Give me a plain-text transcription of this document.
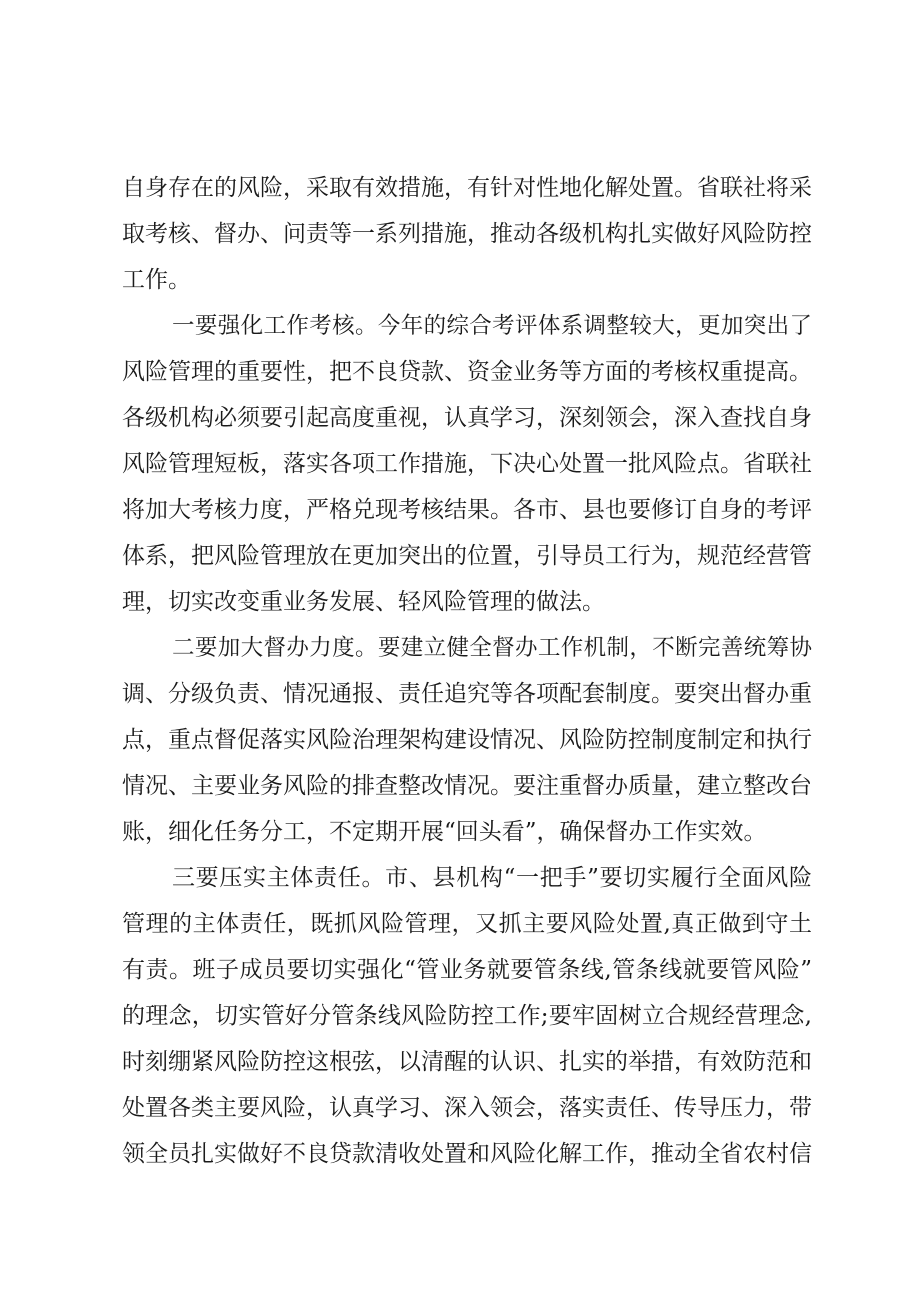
自身存在的风险，采取有效措施，有针对性地化解处置。省联社将采

取考核、督办、问责等一系列措施，推动各级机构扎实做好风险防控

工作。

一要强化工作考核。今年的综合考评体系调整较大，更加突出了

风险管理的重要性，把不良贷款、资金业务等方面的考核权重提高。

各级机构必须要引起高度重视，认真学习，深刻领会，深入查找自身

风险管理短板，落实各项工作措施，下决心处置一批风险点。省联社

将加大考核力度，严格兑现考核结果。各市、县也要修订自身的考评

体系，把风险管理放在更加突出的位置，引导员工行为，规范经营管

理，切实改变重业务发展、轻风险管理的做法。

二要加大督办力度。要建立健全督办工作机制，不断完善统筹协

调、分级负责、情况通报、责任追究等各项配套制度。要突出督办重

点，重点督促落实风险治理架构建设情况、风险防控制度制定和执行

情况、主要业务风险的排查整改情况。要注重督办质量，建立整改台

账，细化任务分工，不定期开展“回头看”，确保督办工作实效。

三要压实主体责任。市、县机构“一把手”要切实履行全面风险

管理的主体责任，既抓风险管理，又抓主要风险处置,真正做到守土

有责。班子成员要切实强化“管业务就要管条线,管条线就要管风险”

的理念，切实管好分管条线风险防控工作;要牢固树立合规经营理念,

时刻绷紧风险防控这根弦，以清醒的认识、扎实的举措，有效防范和

处置各类主要风险，认真学习、深入领会，落实责任、传导压力，带

领全员扎实做好不良贷款清收处置和风险化解工作，推动全省农村信
